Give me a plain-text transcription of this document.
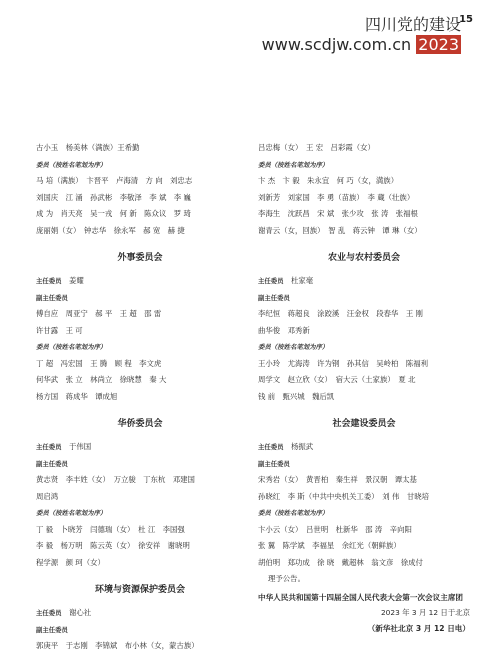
四川党的建设
www.scdjw.com.cn 2023
15

古小玉　杨美林（满族）王希勤

委员（按姓名笔划为序）

马 培（满族）　卞晋平　卢海清　方 向　刘忠志

刘国庆　江 涌　孙武彬　李敬泽　李 斌　李 巍

成 为　肖天亮　吴一戎　何 新　陈众议　罗 琦

庞丽娟（女）　钟志华　徐永军　郝 宽　赫 捷

外事委员会

主任委员　 姜耀　　

副主任委员

傅自应　周亚宁　郝 平　王 超　邵 雷

许甘露　王 可

委员（按姓名笔划为序）

丁 超　冯宏国　王 腾　顾 程　李文虎

何华武　张 立　林尚立　徐晓慧　秦 大

杨方国　蒋成华　谭成旭

华侨委员会

主任委员　 于伟国

副主任委员

黄志贤　李丰姓（女）　万立骏　丁东杭　邓建国

周启鸿

委员（按姓名笔划为序）

丁 毅　卜晓芳　闫德瑞（女）　杜 江　李国强

李 毅　杨万明　陈云英（女）　徐安祥　谢晓明

程学源　颜 珂（女）

环境与资源保护委员会

主任委员　 谢心社

副主任委员

郭庚平　于志刚　李锦斌　布小林（女，蒙古族）

吕忠梅（女）　王 宏　吕彩霞（女）

委员（按姓名笔划为序）

卞 杰　卞 毅　朱永宜　何 巧（女，満族）

刘新芳　刘家国　李 勇（苗族）　李 蔵（壮族）

李海生　沈跃昌　宋 斌　张少攻　张 涛　张福根

谢青云（女，回族）　智 乱　蒋云钟　谭 琳（女）

农业与农村委员会

主任委员　 杜家毫

副主任委员

李纪恒　蒋超良　涂跤溪　汪金权　段春华　王 刚

曲华俊　邓秀新

委员（按姓名笔划为序）

王小玲　尤海涛　许为钢　孙其信　吴岭柏　陈福利

周学文　赵立欣（女）　宿大云（土家族）　夏 北

钱 前　甄兴城　魏后凯

社会建设委员会

主任委员　 杨振武

副主任委员

宋秀岩（女）　黄晋柏　秦生祥　景汉朝　谭太基

孙晓红　李 斯（中共中央机关工委）　刘 伟　甘晓培

委员（按姓名笔划为序）

卞小云（女）　吕世明　杜新华　邵 涛　辛向阳

张 翼　陈学斌　李福星　余红光（朝鲜族）

胡伯明　郑功成　徐 晓　戴超林　翁文彦　徐成付

理予公告。

中华人民共和国第十四届全国人民代表大会第一次会议主席团

2023 年 3 月 12 日于北京

（新华社北京 3 月 12 日电）
